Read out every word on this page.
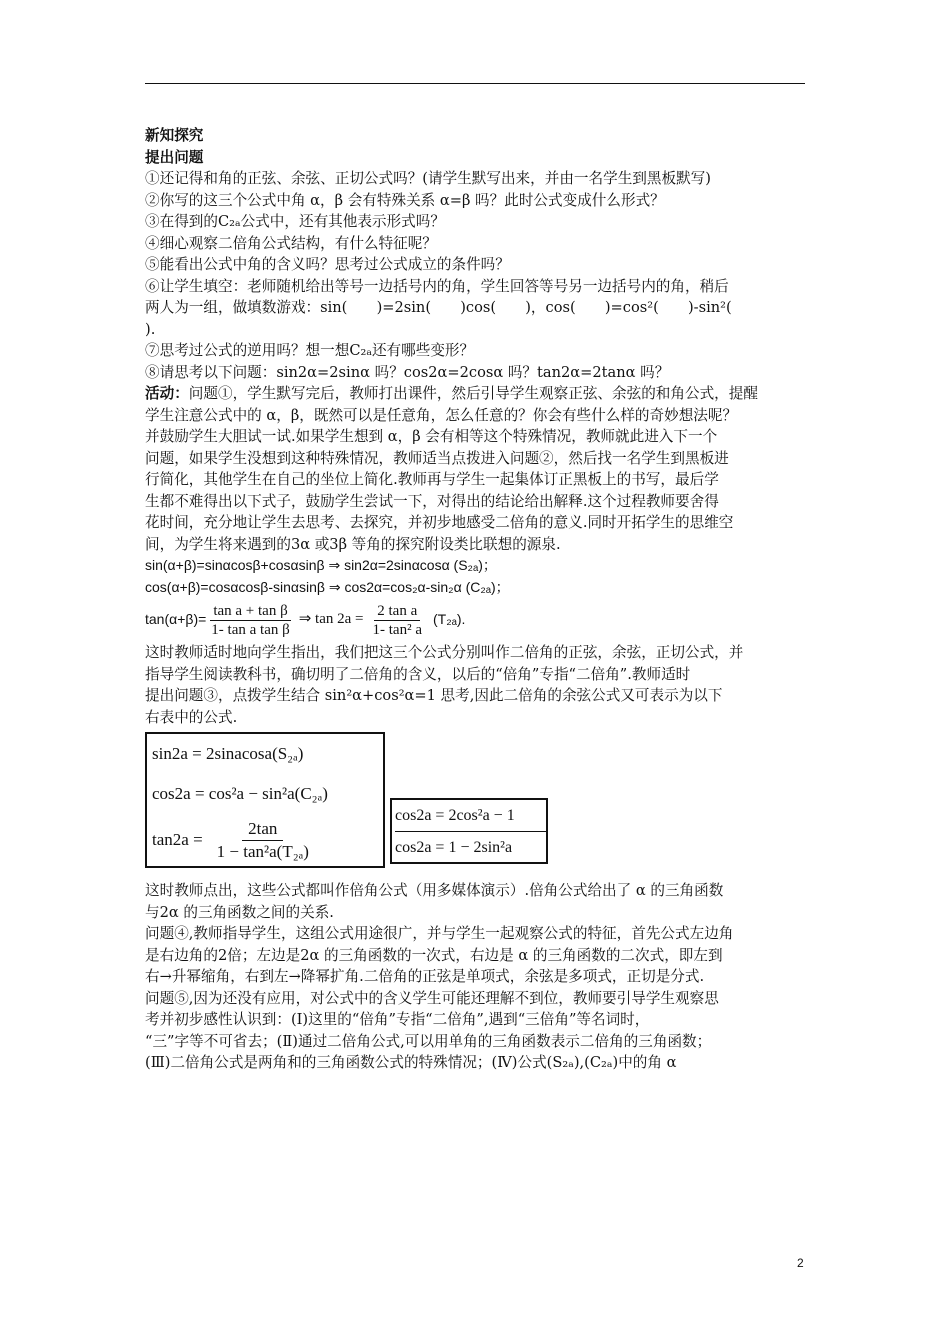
新知探究
提出问题
①还记得和角的正弦、余弦、正切公式吗？(请学生默写出来，并由一名学生到黑板默写)
②你写的这三个公式中角 α，β 会有特殊关系 α=β 吗？此时公式变成什么形式？
③在得到的C₂ₐ公式中，还有其他表示形式吗？
④细心观察二倍角公式结构，有什么特征呢？
⑤能看出公式中角的含义吗？思考过公式成立的条件吗？
⑥让学生填空：老师随机给出等号一边括号内的角，学生回答等号另一边括号内的角，稍后
两人为一组，做填数游戏：sin(　　)=2sin(　　)cos(　　)，cos(　　)=cos²(　　)-sin²(
).
⑦思考过公式的逆用吗？想一想C₂ₐ还有哪些变形？
⑧请思考以下问题：sin2α=2sinα 吗？cos2α=2cosα 吗？tan2α=2tanα 吗？
活动：问题①，学生默写完后，教师打出课件，然后引导学生观察正弦、余弦的和角公式，提醒
学生注意公式中的 α，β，既然可以是任意角，怎么任意的？你会有些什么样的奇妙想法呢？
并鼓励学生大胆试一试.如果学生想到 α，β 会有相等这个特殊情况，教师就此进入下一个
问题，如果学生没想到这种特殊情况，教师适当点拨进入问题②，然后找一名学生到黑板进
行简化，其他学生在自己的坐位上简化.教师再与学生一起集体订正黑板上的书写，最后学
生都不难得出以下式子，鼓励学生尝试一下，对得出的结论给出解释.这个过程教师要舍得
花时间，充分地让学生去思考、去探究，并初步地感受二倍角的意义.同时开拓学生的思维空
间，为学生将来遇到的3α 或3β 等角的探究附设类比联想的源泉.
sin(α+β)=sinαcosβ+cosαsinβ ⇒ sin2α=2sinαcosα (S₂ₐ)；
cos(α+β)=cosαcosβ-sinαsinβ ⇒ cos2α=cos₂α-sin₂α (C₂ₐ)；
$\tan(\alpha+\beta)= \frac{\text{tan a + tan β}}{\text{1- tan a tan β}}$ ⇒ $\tan 2a = \frac{\text{2 tan a}}{\text{1- tan² a}} (T_{2a})$.
这时教师适时地向学生指出，我们把这三个公式分别叫作二倍角的正弦，余弦，正切公式，并
指导学生阅读教科书，确切明了二倍角的含义，以后的“倍角”专指“二倍角”.教师适时
提出问题③，点拨学生结合 sin²α+cos²α=1 思考,因此二倍角的余弦公式又可表示为以下
右表中的公式.
sin2a = 2sinacosa(S₂ₐ)
cos2a = cos²a − sin²a(C₂ₐ)
$\tan 2a = \frac{2\tan}{\text{1 − tan²a(T₂ₐ)}}$
cos2a = 2cos²a − 1
cos2a = 1 − 2sin²a
这时教师点出，这些公式都叫作倍角公式（用多媒体演示）.倍角公式给出了 α 的三角函数
与2α 的三角函数之间的关系.
问题④,教师指导学生，这组公式用途很广，并与学生一起观察公式的特征，首先公式左边角
是右边角的2倍；左边是2α 的三角函数的一次式，右边是 α 的三角函数的二次式，即左到
右→升幂缩角，右到左→降幂扩角.二倍角的正弦是单项式，余弦是多项式，正切是分式.
问题⑤,因为还没有应用，对公式中的含义学生可能还理解不到位，教师要引导学生观察思
考并初步感性认识到：(Ⅰ)这里的“倍角”专指“二倍角”,遇到“三倍角”等名词时，
“三”字等不可省去；(Ⅱ)通过二倍角公式,可以用单角的三角函数表示二倍角的三角函数；
(Ⅲ)二倍角公式是两角和的三角函数公式的特殊情况；(Ⅳ)公式(S₂ₐ),(C₂ₐ)中的角 α
2
